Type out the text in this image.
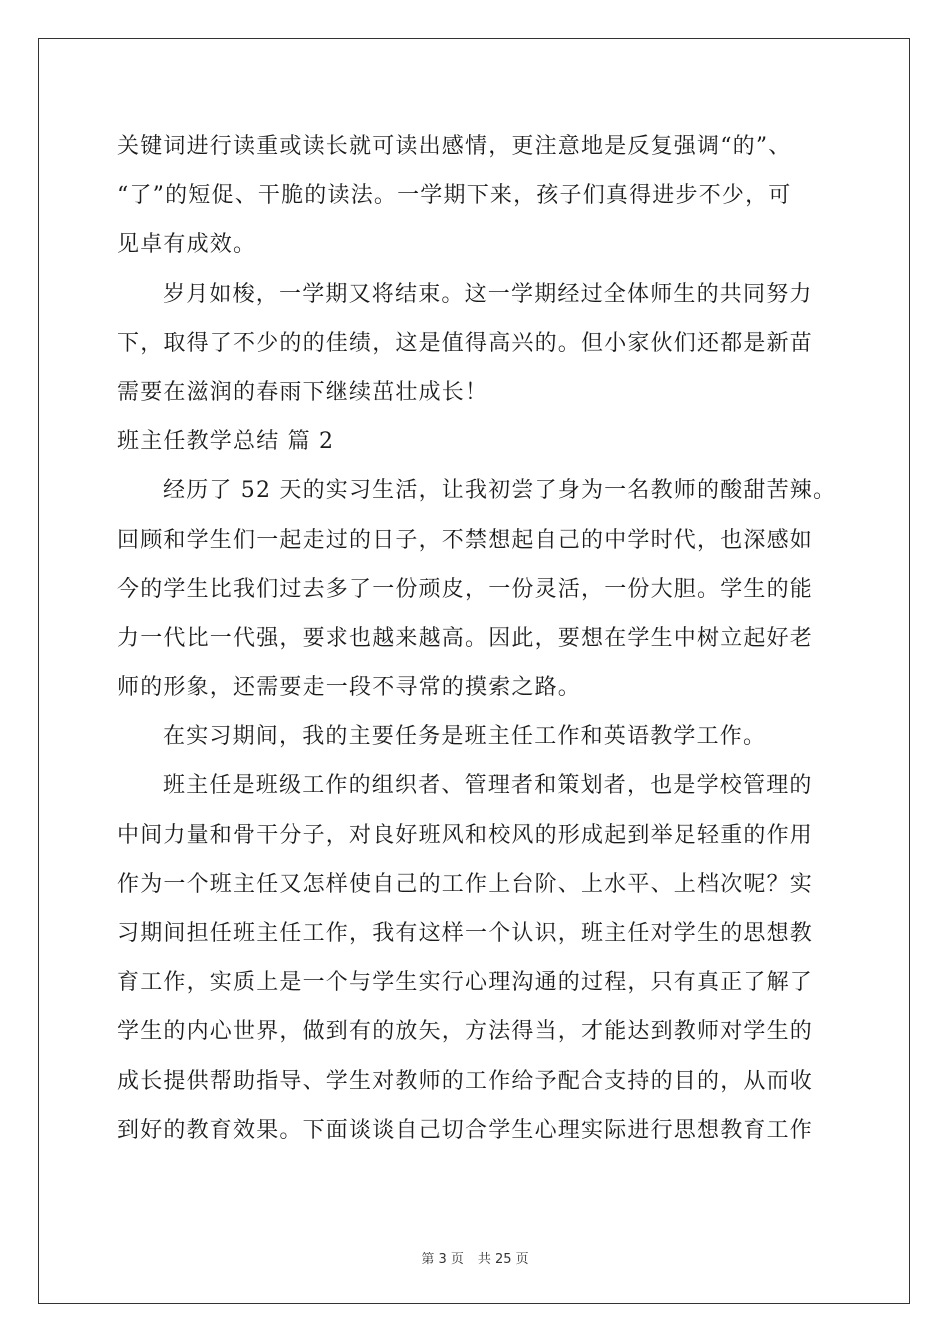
关键词进行读重或读长就可读出感情，更注意地是反复强调“的”、
“了”的短促、干脆的读法。一学期下来，孩子们真得进步不少，可
见卓有成效。
岁月如梭，一学期又将结束。这一学期经过全体师生的共同努力
下，取得了不少的的佳绩，这是值得高兴的。但小家伙们还都是新苗
需要在滋润的春雨下继续茁壮成长！
班主任教学总结 篇 2
经历了 52 天的实习生活，让我初尝了身为一名教师的酸甜苦辣。
回顾和学生们一起走过的日子，不禁想起自己的中学时代，也深感如
今的学生比我们过去多了一份顽皮，一份灵活，一份大胆。学生的能
力一代比一代强，要求也越来越高。因此，要想在学生中树立起好老
师的形象，还需要走一段不寻常的摸索之路。
在实习期间，我的主要任务是班主任工作和英语教学工作。
班主任是班级工作的组织者、管理者和策划者，也是学校管理的
中间力量和骨干分子，对良好班风和校风的形成起到举足轻重的作用
作为一个班主任又怎样使自己的工作上台阶、上水平、上档次呢？实
习期间担任班主任工作，我有这样一个认识，班主任对学生的思想教
育工作，实质上是一个与学生实行心理沟通的过程，只有真正了解了
学生的内心世界，做到有的放矢，方法得当，才能达到教师对学生的
成长提供帮助指导、学生对教师的工作给予配合支持的目的，从而收
到好的教育效果。下面谈谈自己切合学生心理实际进行思想教育工作
第 3 页 共 25 页
